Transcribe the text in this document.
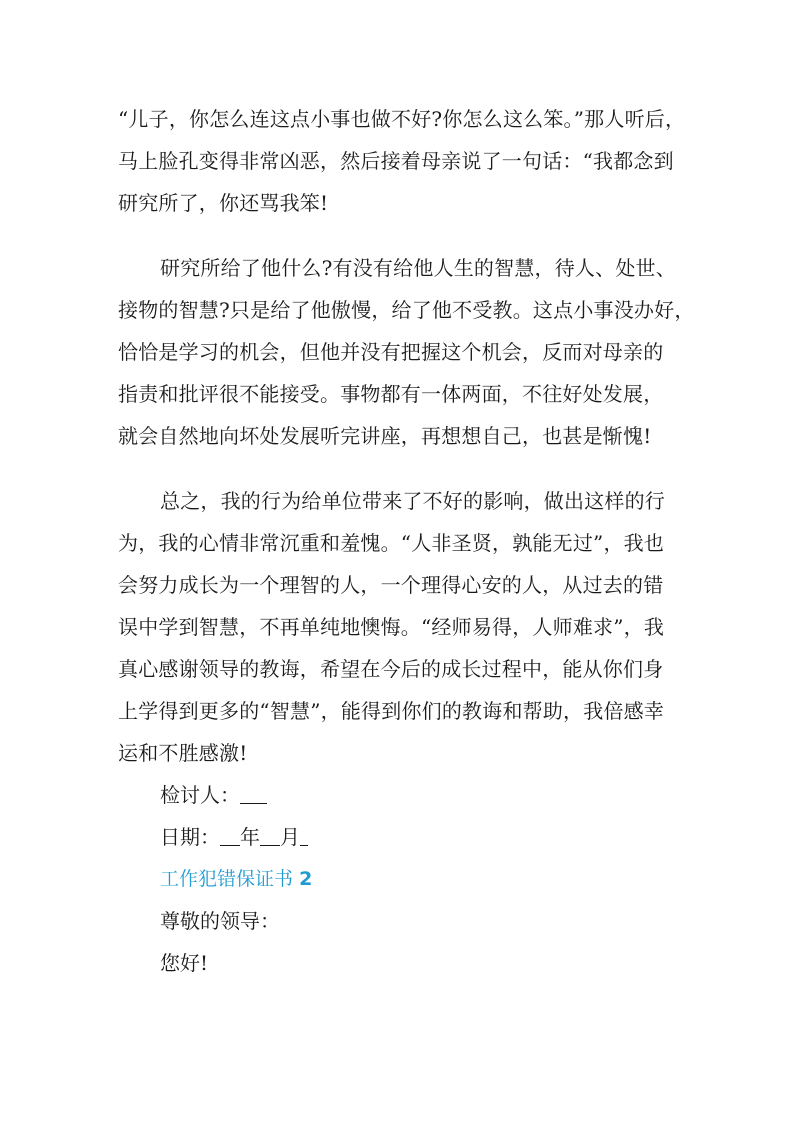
“儿子，你怎么连这点小事也做不好?你怎么这么笨。”那人听后，
马上脸孔变得非常凶恶，然后接着母亲说了一句话：“我都念到
研究所了，你还骂我笨!

研究所给了他什么?有没有给他人生的智慧，待人、处世、
接物的智慧?只是给了他傲慢，给了他不受教。这点小事没办好，
恰恰是学习的机会，但他并没有把握这个机会，反而对母亲的
指责和批评很不能接受。事物都有一体两面，不往好处发展，
就会自然地向坏处发展听完讲座，再想想自己，也甚是惭愧!

总之，我的行为给单位带来了不好的影响，做出这样的行
为，我的心情非常沉重和羞愧。“人非圣贤，孰能无过”，我也
会努力成长为一个理智的人，一个理得心安的人，从过去的错
误中学到智慧，不再单纯地懊悔。“经师易得，人师难求”，我
真心感谢领导的教诲，希望在今后的成长过程中，能从你们身
上学得到更多的“智慧”，能得到你们的教诲和帮助，我倍感幸
运和不胜感激!

检讨人：

日期： 年 月

工作犯错保证书 2

尊敬的领导：

您好!
